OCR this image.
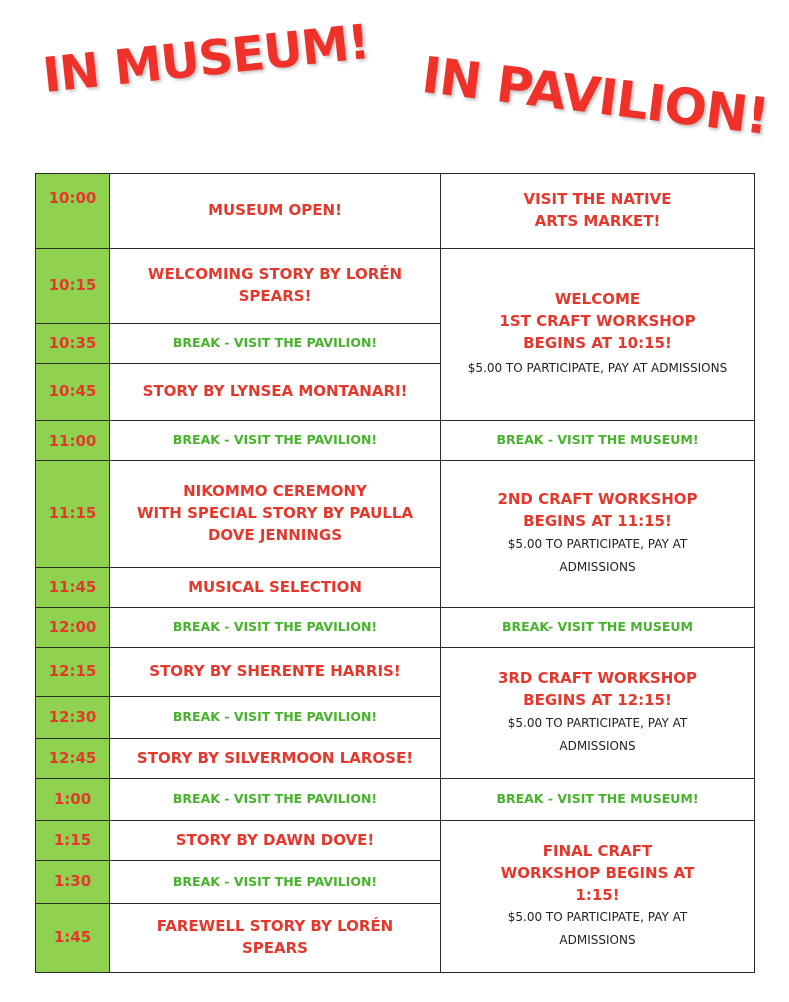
IN MUSEUM! IN PAVILION!
10:00	MUSEUM OPEN!	VISIT THE NATIVE ARTS MARKET!
10:15	WELCOMING STORY BY LORÉN SPEARS!	WELCOME
1ST CRAFT WORKSHOP BEGINS AT 10:15!
$5.00 TO PARTICIPATE, PAY AT ADMISSIONS

10:35	BREAK - VISIT THE PAVILION!	
10:45	STORY BY LYNSEA MONTANARI!	
11:00	BREAK - VISIT THE PAVILION!	BREAK - VISIT THE MUSEUM!
11:15	NIKOMMO CEREMONY
WITH SPECIAL STORY BY PAULLA DOVE JENNINGS	2ND CRAFT WORKSHOP BEGINS AT 11:15!
$5.00 TO PARTICIPATE, PAY AT ADMISSIONS

11:45	MUSICAL SELECTION	
12:00	BREAK - VISIT THE PAVILION!	BREAK- VISIT THE MUSEUM
12:15	STORY BY SHERENTE HARRIS!	3RD CRAFT WORKSHOP BEGINS AT 12:15!
$5.00 TO PARTICIPATE, PAY AT ADMISSIONS

12:30	BREAK - VISIT THE PAVILION!	
12:45	STORY BY SILVERMOON LAROSE!	
1:00	BREAK - VISIT THE PAVILION!	BREAK - VISIT THE MUSEUM!
1:15	STORY BY DAWN DOVE!	FINAL CRAFT WORKSHOP BEGINS AT 1:15!
$5.00 TO PARTICIPATE, PAY AT ADMISSIONS

1:30	BREAK - VISIT THE PAVILION!	
1:45	FAREWELL STORY BY LORÉN SPEARS	
